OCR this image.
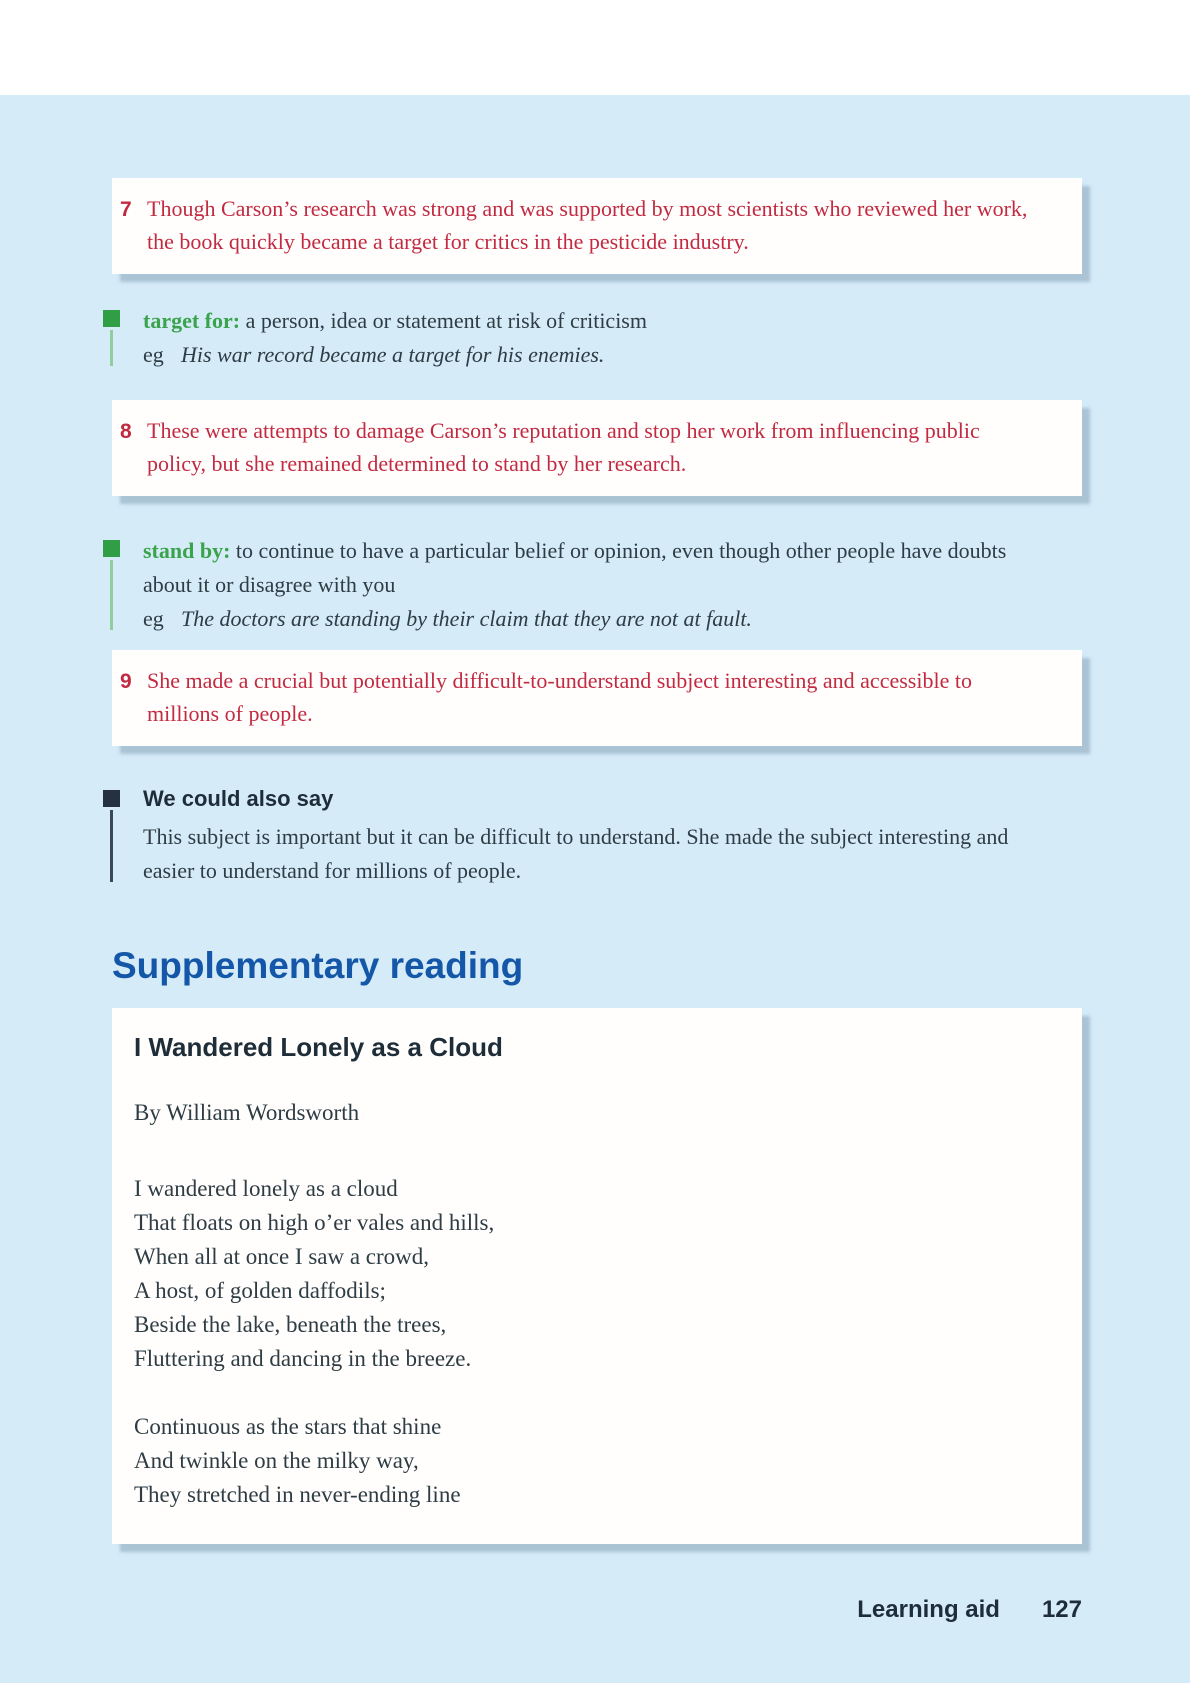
7 Though Carson’s research was strong and was supported by most scientists who reviewed her work, the book quickly became a target for critics in the pesticide industry.

target for: a person, idea or statement at risk of criticism

eg His war record became a target for his enemies.

8 These were attempts to damage Carson’s reputation and stop her work from influencing public policy, but she remained determined to stand by her research.

stand by: to continue to have a particular belief or opinion, even though other people have doubts about it or disagree with you

eg The doctors are standing by their claim that they are not at fault.

9 She made a crucial but potentially difficult-to-understand subject interesting and accessible to millions of people.

We could also say

This subject is important but it can be difficult to understand. She made the subject interesting and easier to understand for millions of people.

Supplementary reading
I Wandered Lonely as a Cloud

By William Wordsworth

I wandered lonely as a cloud

That floats on high o’er vales and hills,

When all at once I saw a crowd,

A host, of golden daffodils;

Beside the lake, beneath the trees,

Fluttering and dancing in the breeze.

Continuous as the stars that shine

And twinkle on the milky way,

They stretched in never-ending line

Learning aid 127
